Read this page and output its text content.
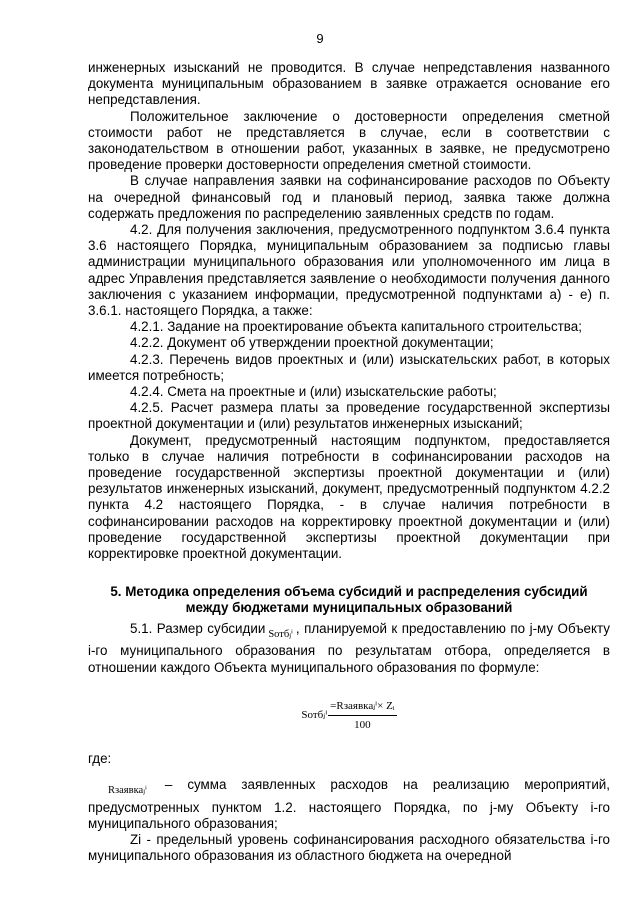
9

инженерных изысканий не проводится. В случае непредставления названного документа муниципальным образованием в заявке отражается основание его непредставления.

Положительное заключение о достоверности определения сметной стоимости работ не представляется в случае, если в соответствии с законодательством в отношении работ, указанных в заявке, не предусмотрено проведение проверки достоверности определения сметной стоимости.

В случае направления заявки на софинансирование расходов по Объекту на очередной финансовый год и плановый период, заявка также должна содержать предложения по распределению заявленных средств по годам.

4.2. Для получения заключения, предусмотренного подпунктом 3.6.4 пункта 3.6 настоящего Порядка, муниципальным образованием за подписью главы администрации муниципального образования или уполномоченного им лица в адрес Управления представляется заявление о необходимости получения данного заключения с указанием информации, предусмотренной подпунктами а) - е) п. 3.6.1. настоящего Порядка, а также:

4.2.1. Задание на проектирование объекта капитального строительства;

4.2.2. Документ об утверждении проектной документации;

4.2.3. Перечень видов проектных и (или) изыскательских работ, в которых имеется потребность;

4.2.4. Смета на проектные и (или) изыскательские работы;

4.2.5. Расчет размера платы за проведение государственной экспертизы проектной документации и (или) результатов инженерных изысканий;

Документ, предусмотренный настоящим подпунктом, предоставляется только в случае наличия потребности в софинансировании расходов на проведение государственной экспертизы проектной документации и (или) результатов инженерных изысканий, документ, предусмотренный подпунктом 4.2.2 пункта 4.2 настоящего Порядка, - в случае наличия потребности в софинансировании расходов на корректировку проектной документации и (или) проведение государственной экспертизы проектной документации при корректировке проектной документации.

5. Методика определения объема субсидий и распределения субсидий
между бюджетами муниципальных образований

5.1. Размер субсидии $_{Sотбⱼ^i}$ , планируемой к предоставлению по j-му Объекту i-го муниципального образования по результатам отбора, определяется в отношении каждого Объекта муниципального образования по формуле:

Sотбⱼⁱ $\frac{\text{=Rзаявкаⱼⁱ× Zᵢ}}{100}$

где:

$_{Rзаявкаⱼ^i}$ – сумма заявленных расходов на реализацию мероприятий, предусмотренных пунктом 1.2. настоящего Порядка, по j-му Объекту i-го муниципального образования;

Zi - предельный уровень софинансирования расходного обязательства i-го муниципального образования из областного бюджета на очередной
